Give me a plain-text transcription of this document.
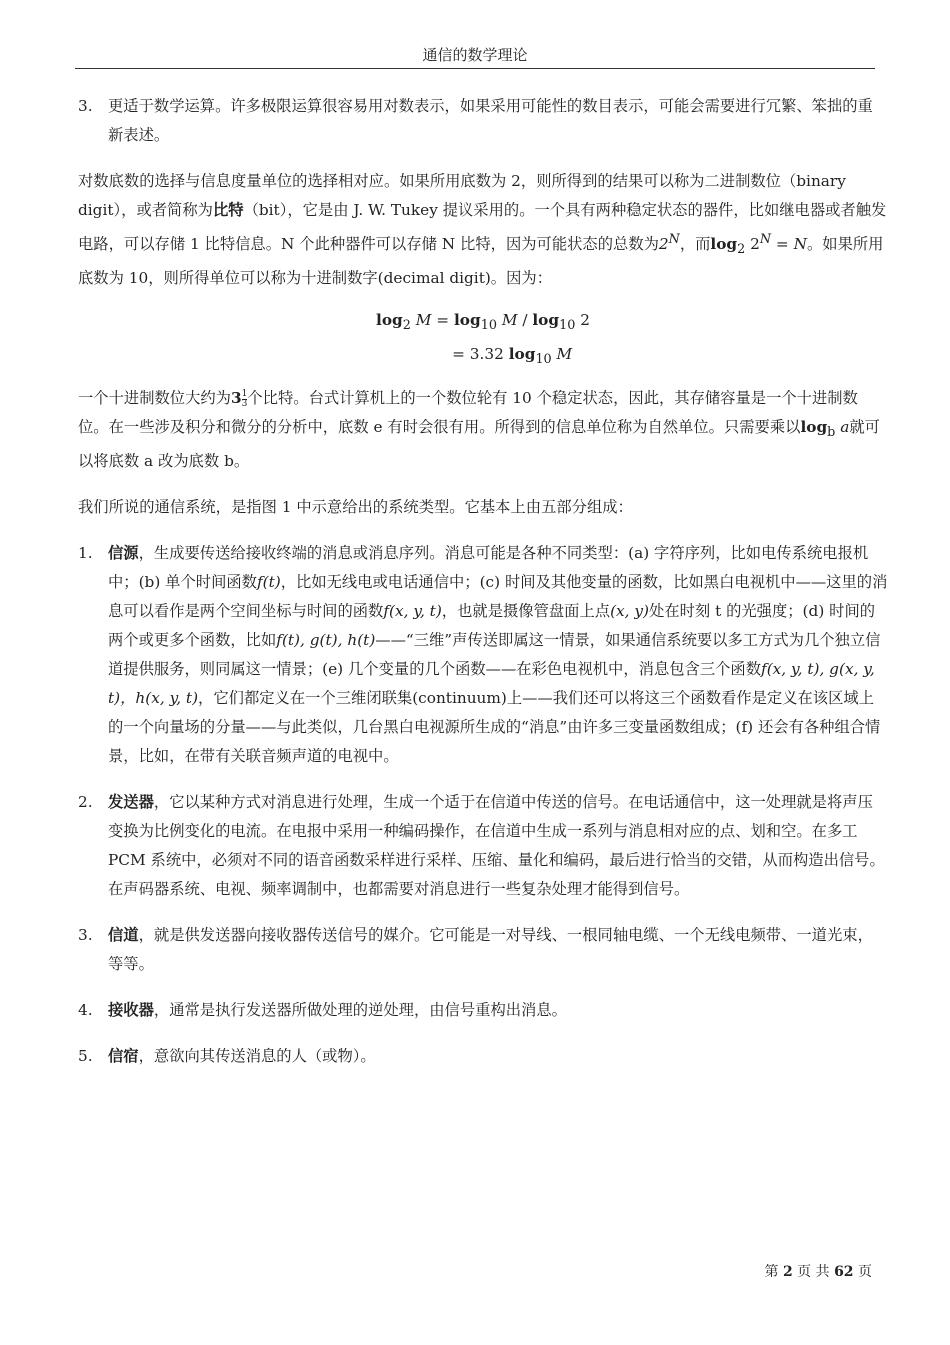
通信的数学理论
3.	更适于数学运算。许多极限运算很容易用对数表示，如果采用可能性的数目表示，可能会需要进行冗繁、笨拙的重新表述。

对数底数的选择与信息度量单位的选择相对应。如果所用底数为 2，则所得到的结果可以称为二进制数位（binary digit），或者简称为比特（bit），它是由 J. W. Tukey 提议采用的。一个具有两种稳定状态的器件，比如继电器或者触发电路，可以存储 1 比特信息。N 个此种器件可以存储 N 比特，因为可能状态的总数为$2^N$，而$\log_2 2^N = N$。如果所用底数为 10，则所得单位可以称为十进制数字(decimal digit)。因为：

$\log_2 M = \log_{10} M / \log_{10} 2$
= 3.32 $\log_{10} M$

一个十进制数位大约为$3 \frac{1}{3}$ 个比特。台式计算机上的一个数位轮有 10 个稳定状态，因此，其存储容量是一个十进制数位。在一些涉及积分和微分的分析中，底数 e 有时会很有用。所得到的信息单位称为自然单位。只需要乘以$\log_b a$就可以将底数 a 改为底数 b。

我们所说的通信系统，是指图 1 中示意给出的系统类型。它基本上由五部分组成：

1.	信源，生成要传送给接收终端的消息或消息序列。消息可能是各种不同类型：(a) 字符序列，比如电传系统电报机中；(b) 单个时间函数f(t)，比如无线电或电话通信中；(c) 时间及其他变量的函数，比如黑白电视机中——这里的消息可以看作是两个空间坐标与时间的函数f(x, y, t)，也就是摄像管盘面上点(x, y)处在时刻 t 的光强度；(d) 时间的两个或更多个函数，比如f(t), g(t), h(t)——“三维”声传送即属这一情景，如果通信系统要以多工方式为几个独立信道提供服务，则同属这一情景；(e) 几个变量的几个函数——在彩色电视机中，消息包含三个函数f(x, y, t), g(x, y, t)，h(x, y, t)，它们都定义在一个三维闭联集(continuum)上——我们还可以将这三个函数看作是定义在该区域上的一个向量场的分量——与此类似，几台黑白电视源所生成的“消息”由许多三变量函数组成；(f) 还会有各种组合情景，比如，在带有关联音频声道的电视中。
2.	发送器，它以某种方式对消息进行处理，生成一个适于在信道中传送的信号。在电话通信中，这一处理就是将声压变换为比例变化的电流。在电报中采用一种编码操作，在信道中生成一系列与消息相对应的点、划和空。在多工 PCM 系统中，必须对不同的语音函数采样进行采样、压缩、量化和编码，最后进行恰当的交错，从而构造出信号。在声码器系统、电视、频率调制中，也都需要对消息进行一些复杂处理才能得到信号。
3.	信道，就是供发送器向接收器传送信号的媒介。它可能是一对导线、一根同轴电缆、一个无线电频带、一道光束，等等。
4.	接收器，通常是执行发送器所做处理的逆处理，由信号重构出消息。
5.	信宿，意欲向其传送消息的人（或物）。
第 2 页 共 62 页
